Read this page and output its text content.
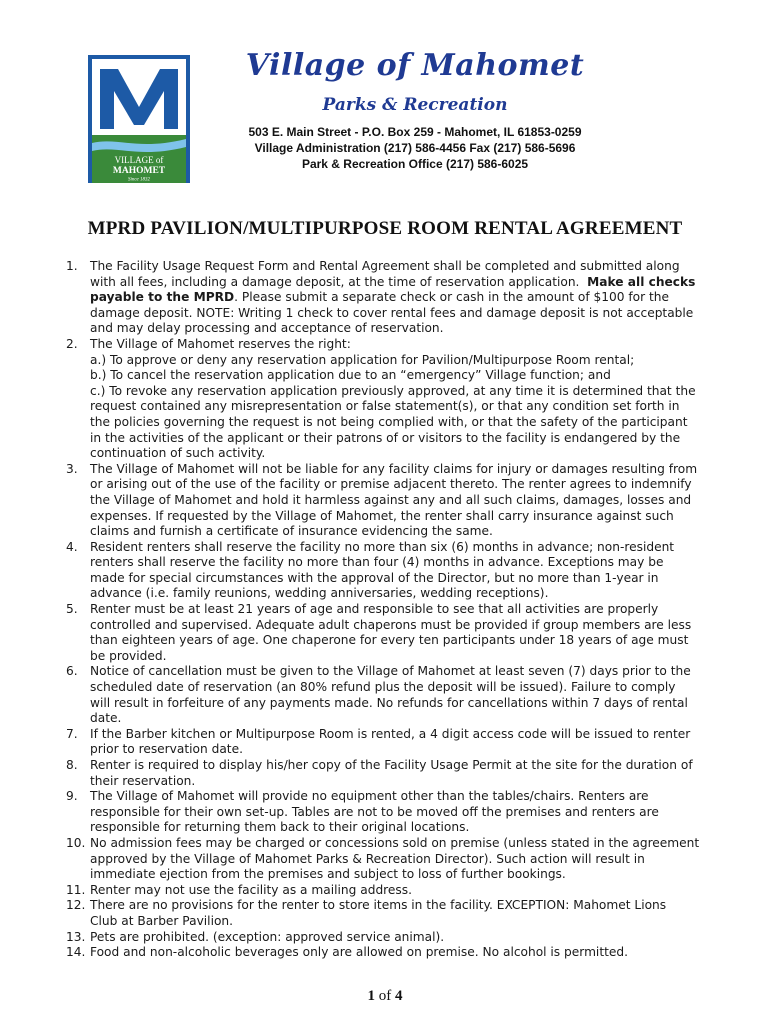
VILLAGE of
MAHOMET
Since 1832
Village of Mahomet
Parks & Recreation
503 E. Main Street - P.O. Box 259 - Mahomet, IL 61853-0259
Village Administration (217) 586-4456 Fax (217) 586-5696
Park & Recreation Office (217) 586-6025
MPRD PAVILION/MULTIPURPOSE ROOM RENTAL AGREEMENT
1.	The Facility Usage Request Form and Rental Agreement shall be completed and submitted along
with all fees, including a damage deposit, at the time of reservation application. Make all checks
payable to the MPRD. Please submit a separate check or cash in the amount of $100 for the
damage deposit. NOTE: Writing 1 check to cover rental fees and damage deposit is not acceptable
and may delay processing and acceptance of reservation.
2.	The Village of Mahomet reserves the right:
a.) To approve or deny any reservation application for Pavilion/Multipurpose Room rental;
b.) To cancel the reservation application due to an “emergency” Village function; and
c.) To revoke any reservation application previously approved, at any time it is determined that the
request contained any misrepresentation or false statement(s), or that any condition set forth in
the policies governing the request is not being complied with, or that the safety of the participant
in the activities of the applicant or their patrons of or visitors to the facility is endangered by the
continuation of such activity.
3.	The Village of Mahomet will not be liable for any facility claims for injury or damages resulting from
or arising out of the use of the facility or premise adjacent thereto. The renter agrees to indemnify
the Village of Mahomet and hold it harmless against any and all such claims, damages, losses and
expenses. If requested by the Village of Mahomet, the renter shall carry insurance against such
claims and furnish a certificate of insurance evidencing the same.
4.	Resident renters shall reserve the facility no more than six (6) months in advance; non-resident
renters shall reserve the facility no more than four (4) months in advance. Exceptions may be
made for special circumstances with the approval of the Director, but no more than 1-year in
advance (i.e. family reunions, wedding anniversaries, wedding receptions).
5.	Renter must be at least 21 years of age and responsible to see that all activities are properly
controlled and supervised. Adequate adult chaperons must be provided if group members are less
than eighteen years of age. One chaperone for every ten participants under 18 years of age must
be provided.
6.	Notice of cancellation must be given to the Village of Mahomet at least seven (7) days prior to the
scheduled date of reservation (an 80% refund plus the deposit will be issued). Failure to comply
will result in forfeiture of any payments made. No refunds for cancellations within 7 days of rental
date.
7.	If the Barber kitchen or Multipurpose Room is rented, a 4 digit access code will be issued to renter
prior to reservation date.
8.	Renter is required to display his/her copy of the Facility Usage Permit at the site for the duration of
their reservation.
9.	The Village of Mahomet will provide no equipment other than the tables/chairs. Renters are
responsible for their own set-up. Tables are not to be moved off the premises and renters are
responsible for returning them back to their original locations.
10. No admission fees may be charged or concessions sold on premise (unless stated in the agreement
approved by the Village of Mahomet Parks & Recreation Director). Such action will result in
immediate ejection from the premises and subject to loss of further bookings.
11. Renter may not use the facility as a mailing address.
12. There are no provisions for the renter to store items in the facility. EXCEPTION: Mahomet Lions
Club at Barber Pavilion.
13. Pets are prohibited. (exception: approved service animal).
14. Food and non-alcoholic beverages only are allowed on premise. No alcohol is permitted.
1 of 4
